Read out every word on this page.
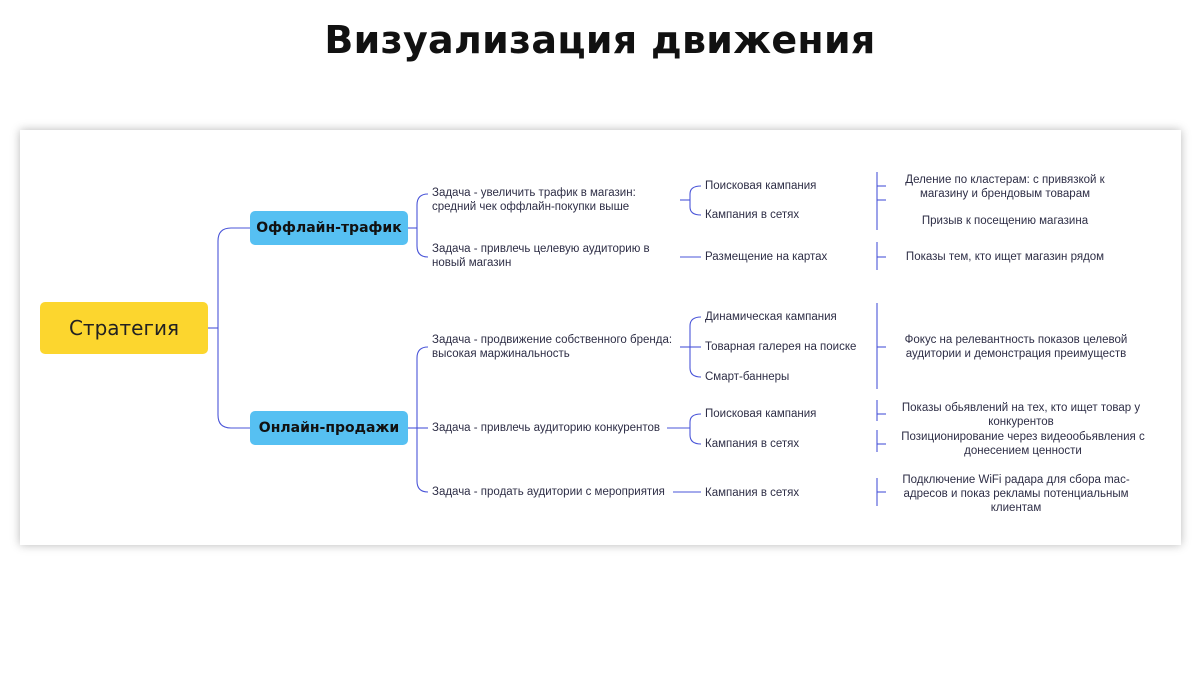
Визуализация движения
Стратегия
Оффлайн-трафик
Онлайн-продажи
Задача - увеличить трафик в магазин:
средний чек оффлайн-покупки выше
Задача - привлечь целевую аудиторию в
новый магазин
Поисковая кампания
Кампания в сетях
Размещение на картах
Деление по кластерам: с привязкой к
магазину и брендовым товарам
Призыв к посещению магазина
Показы тем, кто ищет магазин рядом
Задача - продвижение собственного бренда:
высокая маржинальность
Задача - привлечь аудиторию конкурентов
Задача - продать аудитории с мероприятия
Динамическая кампания
Товарная галерея на поиске
Смарт-баннеры
Поисковая кампания
Кампания в сетях
Кампания в сетях
Фокус на релевантность показов целевой
аудитории и демонстрация преимуществ
Показы обьявлений на тех, кто ищет товар у
конкурентов
Позиционирование через видеообьявления с
донесением ценности
Подключение WiFi радара для сбора mac-
адресов и показ рекламы потенциальным
клиентам
